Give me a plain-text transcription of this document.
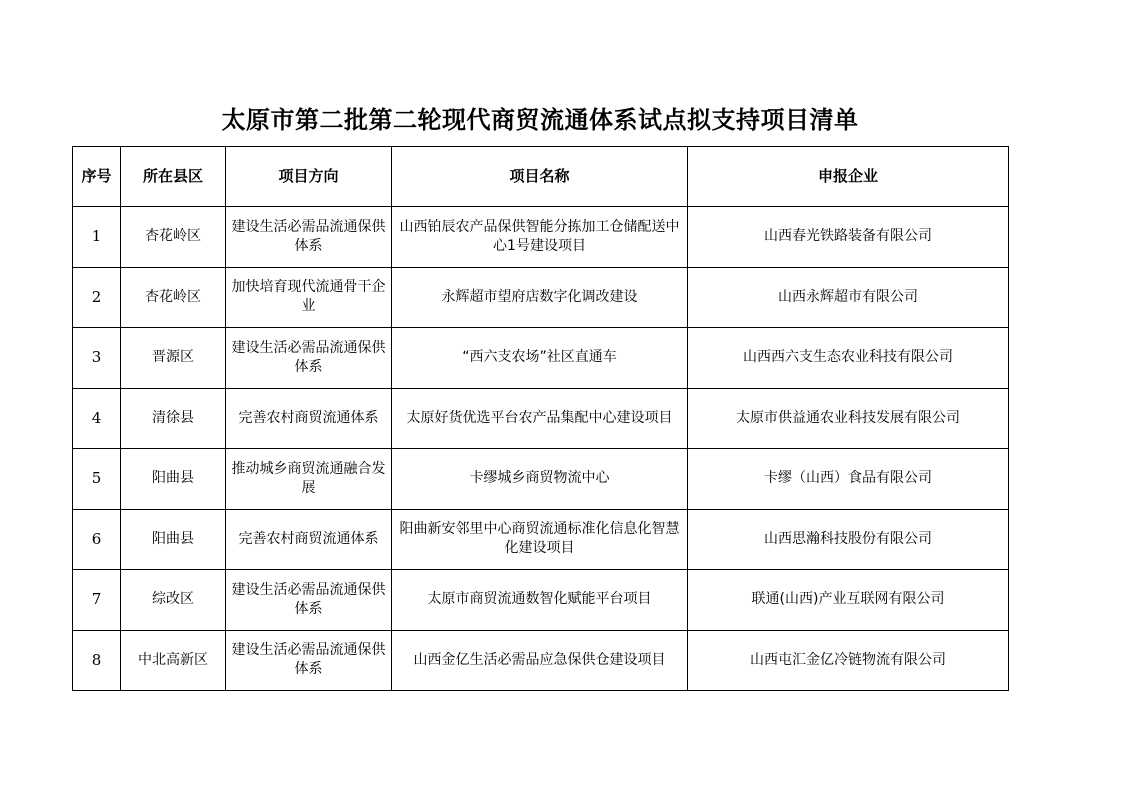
太原市第二批第二轮现代商贸流通体系试点拟支持项目清单
序号	所在县区	项目方向	项目名称	申报企业
1	杏花岭区	建设生活必需品流通保供体系	山西铂辰农产品保供智能分拣加工仓储配送中心1号建设项目	山西春光铁路装备有限公司
2	杏花岭区	加快培育现代流通骨干企业	永辉超市望府店数字化调改建设	山西永辉超市有限公司
3	晋源区	建设生活必需品流通保供体系	“西六支农场”社区直通车	山西西六支生态农业科技有限公司
4	清徐县	完善农村商贸流通体系	太原好货优选平台农产品集配中心建设项目	太原市供益通农业科技发展有限公司
5	阳曲县	推动城乡商贸流通融合发展	卡缪城乡商贸物流中心	卡缪（山西）食品有限公司
6	阳曲县	完善农村商贸流通体系	阳曲新安邻里中心商贸流通标准化信息化智慧化建设项目	山西思瀚科技股份有限公司
7	综改区	建设生活必需品流通保供体系	太原市商贸流通数智化赋能平台项目	联通(山西)产业互联网有限公司
8	中北高新区	建设生活必需品流通保供体系	山西金亿生活必需品应急保供仓建设项目	山西屯汇金亿冷链物流有限公司
